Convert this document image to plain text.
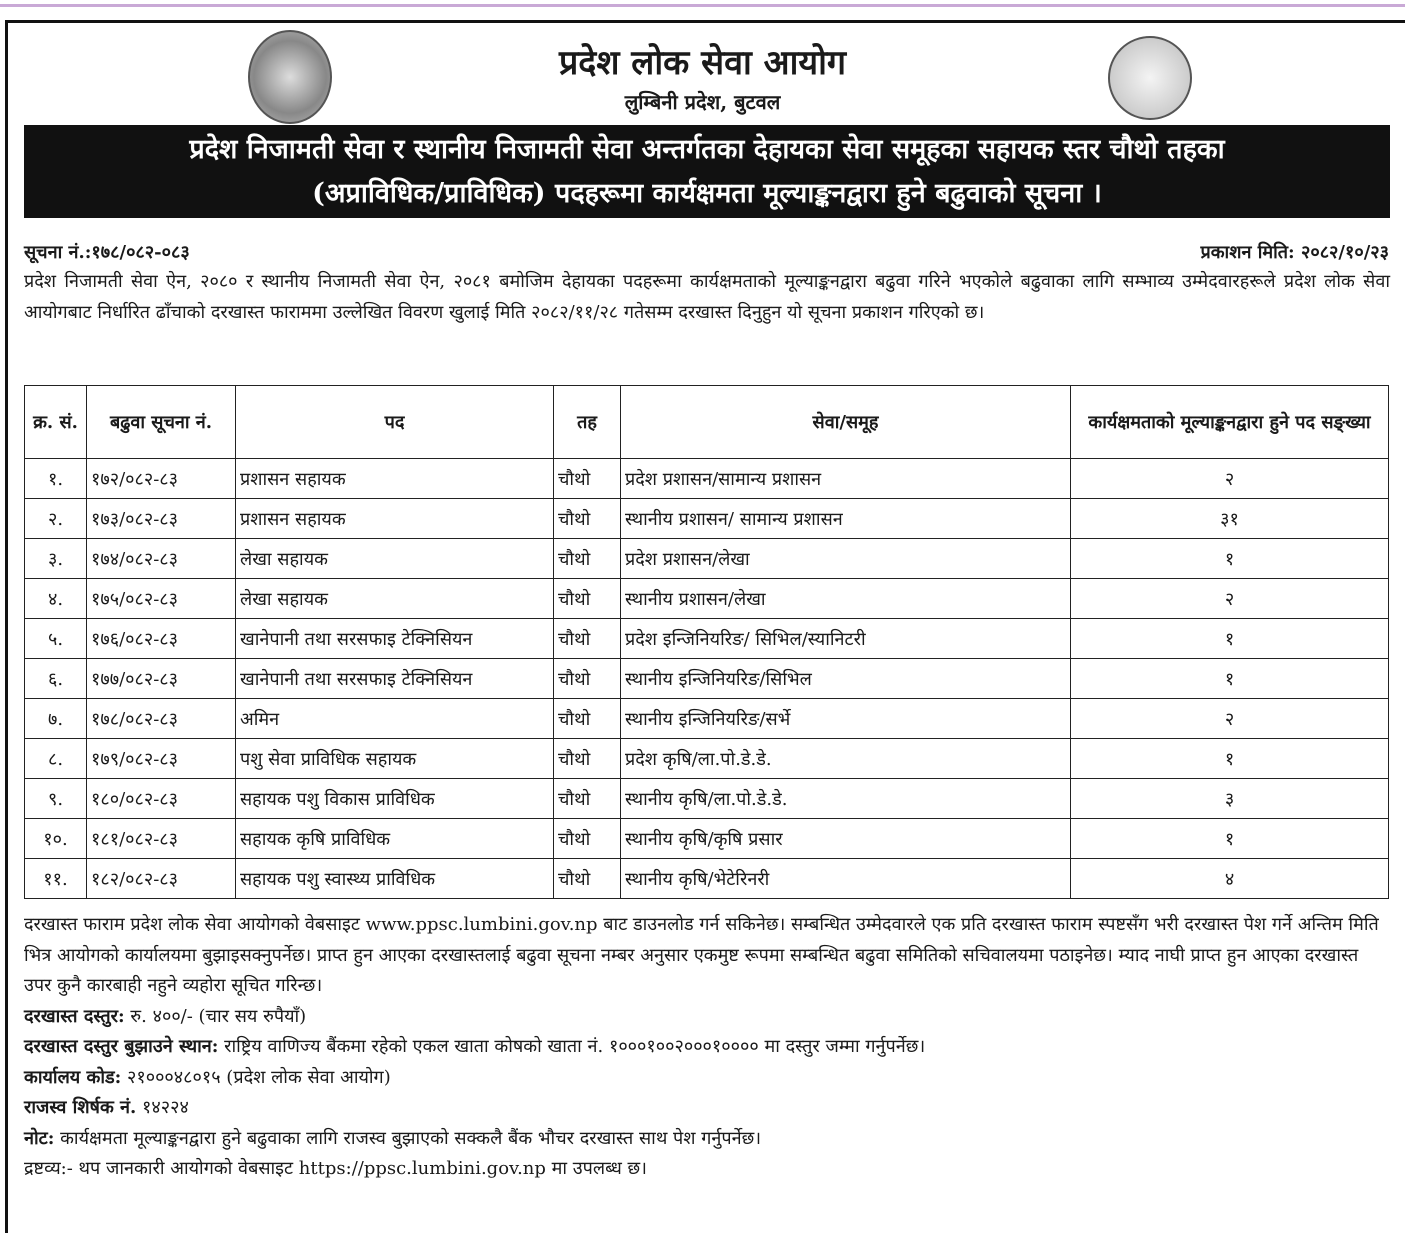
प्रदेश लोक सेवा आयोग
लुम्बिनी प्रदेश, बुटवल
प्रदेश निजामती सेवा र स्थानीय निजामती सेवा अन्तर्गतका देहायका सेवा समूहका सहायक स्तर चौथो तहका
(अप्राविधिक/प्राविधिक) पदहरूमा कार्यक्षमता मूल्याङ्कनद्वारा हुने बढुवाको सूचना ।
सूचना नं.:१७८/०८२-०८३	प्रकाशन मिति: २०८२/१०/२३
प्रदेश निजामती सेवा ऐन, २०८० र स्थानीय निजामती सेवा ऐन, २०८१ बमोजिम देहायका पदहरूमा कार्यक्षमताको मूल्याङ्कनद्वारा बढुवा गरिने भएकोले बढुवाका लागि सम्भाव्य उम्मेदवारहरूले प्रदेश लोक सेवा आयोगबाट निर्धारित ढाँचाको दरखास्त फाराममा उल्लेखित विवरण खुलाई मिति २०८२/११/२८ गतेसम्म दरखास्त दिनुहुन यो सूचना प्रकाशन गरिएको छ।
क्र. सं.	बढुवा सूचना नं.	पद	तह	सेवा/समूह	कार्यक्षमताको मूल्याङ्कनद्वारा हुने पद सङ्ख्या
१.	१७२/०८२-८३	प्रशासन सहायक	चौथो	प्रदेश प्रशासन/सामान्य प्रशासन	२
२.	१७३/०८२-८३	प्रशासन सहायक	चौथो	स्थानीय प्रशासन/ सामान्य प्रशासन	३१
३.	१७४/०८२-८३	लेखा सहायक	चौथो	प्रदेश प्रशासन/लेखा	१
४.	१७५/०८२-८३	लेखा सहायक	चौथो	स्थानीय प्रशासन/लेखा	२
५.	१७६/०८२-८३	खानेपानी तथा सरसफाइ टेक्निसियन	चौथो	प्रदेश इन्जिनियरिङ/ सिभिल/स्यानिटरी	१
६.	१७७/०८२-८३	खानेपानी तथा सरसफाइ टेक्निसियन	चौथो	स्थानीय इन्जिनियरिङ/सिभिल	१
७.	१७८/०८२-८३	अमिन	चौथो	स्थानीय इन्जिनियरिङ/सर्भे	२
८.	१७९/०८२-८३	पशु सेवा प्राविधिक सहायक	चौथो	प्रदेश कृषि/ला.पो.डे.डे.	१
९.	१८०/०८२-८३	सहायक पशु विकास प्राविधिक	चौथो	स्थानीय कृषि/ला.पो.डे.डे.	३
१०.	१८१/०८२-८३	सहायक कृषि प्राविधिक	चौथो	स्थानीय कृषि/कृषि प्रसार	१
११.	१८२/०८२-८३	सहायक पशु स्वास्थ्य प्राविधिक	चौथो	स्थानीय कृषि/भेटेरिनरी	४

दरखास्त फाराम प्रदेश लोक सेवा आयोगको वेबसाइट www.ppsc.lumbini.gov.np बाट डाउनलोड गर्न सकिनेछ। सम्बन्धित उम्मेदवारले एक प्रति दरखास्त फाराम स्पष्टसँग भरी दरखास्त पेश गर्ने अन्तिम मिति भित्र आयोगको कार्यालयमा बुझाइसक्नुपर्नेछ। प्राप्त हुन आएका दरखास्तलाई बढुवा सूचना नम्बर अनुसार एकमुष्ट रूपमा सम्बन्धित बढुवा समितिको सचिवालयमा पठाइनेछ। म्याद नाघी प्राप्त हुन आएका दरखास्त उपर कुनै कारबाही नहुने व्यहोरा सूचित गरिन्छ।

दरखास्त दस्तुर: रु. ४००/- (चार सय रुपैयाँ)

दरखास्त दस्तुर बुझाउने स्थान: राष्ट्रिय वाणिज्य बैंकमा रहेको एकल खाता कोषको खाता नं. १०००१००२०००१०००० मा दस्तुर जम्मा गर्नुपर्नेछ।

कार्यालय कोड: २१०००४८०१५ (प्रदेश लोक सेवा आयोग)

राजस्व शिर्षक नं. १४२२४

नोट: कार्यक्षमता मूल्याङ्कनद्वारा हुने बढुवाका लागि राजस्व बुझाएको सक्कलै बैंक भौचर दरखास्त साथ पेश गर्नुपर्नेछ।

द्रष्टव्य:- थप जानकारी आयोगको वेबसाइट https://ppsc.lumbini.gov.np मा उपलब्ध छ।
